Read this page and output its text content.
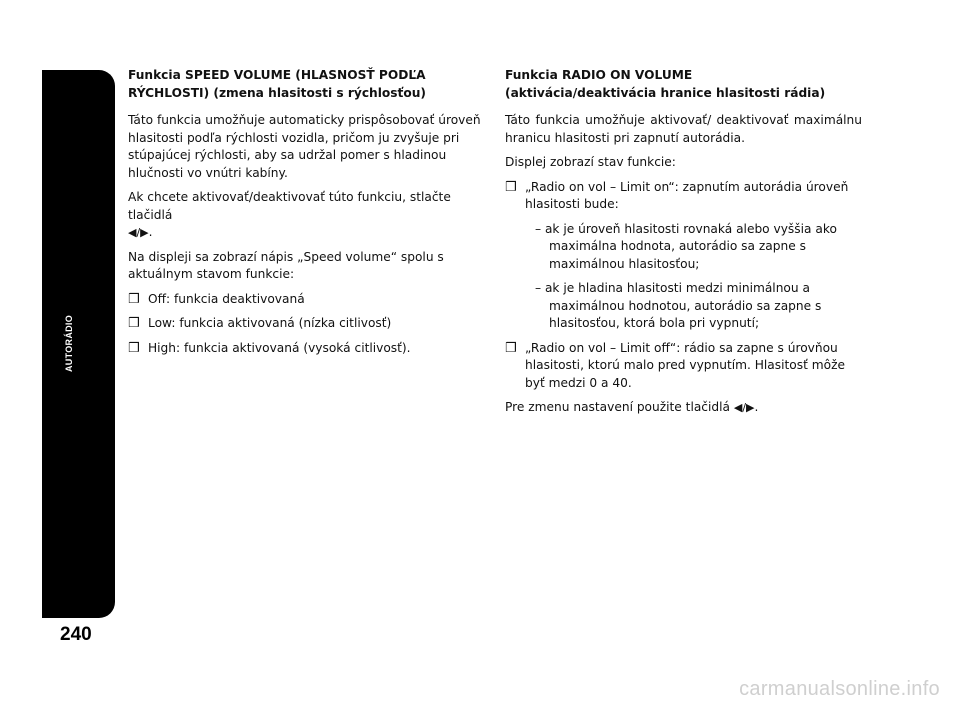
AUTORÁDIO
240
Funkcia SPEED VOLUME (HLASNOSŤ PODĽA
RÝCHLOSTI) (zmena hlasitosti s rýchlosťou)

Táto funkcia umožňuje automaticky prispôsobovať úroveň hlasitosti podľa rýchlosti vozidla, pričom ju zvyšuje pri stúpajúcej rýchlosti, aby sa udržal pomer s hladinou hlučnosti vo vnútri kabíny.

Ak chcete aktivovať/deaktivovať túto funkciu, stlačte tlačidlá
◀/▶.

Na displeji sa zobrazí nápis „Speed volume“ spolu s aktuálnym stavom funkcie:

❒ Off: funkcia deaktivovaná
❒ Low: funkcia aktivovaná (nízka citlivosť)
❒ High: funkcia aktivovaná (vysoká citlivosť).
Funkcia RADIO ON VOLUME
(aktivácia/deaktivácia hranice hlasitosti rádia)

Táto funkcia umožňuje aktivovať/ deaktivovať maximálnu hranicu hlasitosti pri zapnutí autorádia.

Displej zobrazí stav funkcie:

❒ „Radio on vol – Limit on“: zapnutím autorádia úroveň hlasitosti bude:
– ak je úroveň hlasitosti rovnaká alebo vyššia ako maximálna hodnota, autorádio sa zapne s maximálnou hlasitosťou;
– ak je hladina hlasitosti medzi minimálnou a maximálnou hodnotou, autorádio sa zapne s hlasitosťou, ktorá bola pri vypnutí;
❒ „Radio on vol – Limit off“: rádio sa zapne s úrovňou hlasitosti, ktorú malo pred vypnutím. Hlasitosť môže byť medzi 0 a 40.

Pre zmenu nastavení použite tlačidlá ◀/▶.

carmanualsonline.info
